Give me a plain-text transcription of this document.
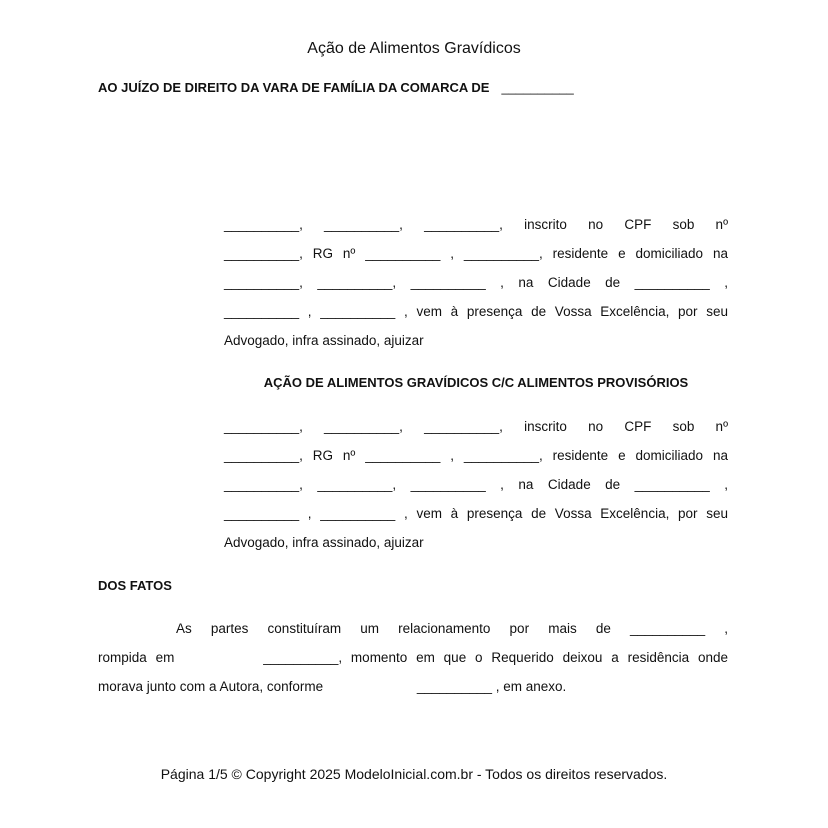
Ação de Alimentos Gravídicos
AO JUÍZO DE DIREITO DA VARA DE FAMÍLIA DA COMARCA DE __________
__________, __________, __________, inscrito no CPF sob nº
__________, RG nº __________ , __________, residente e domiciliado na
__________, __________, __________ , na Cidade de __________ ,
__________ , __________ , vem à presença de Vossa Excelência, por seu
Advogado, infra assinado, ajuizar
AÇÃO DE ALIMENTOS GRAVÍDICOS C/C ALIMENTOS PROVISÓRIOS
__________, __________, __________, inscrito no CPF sob nº
__________, RG nº __________ , __________, residente e domiciliado na
__________, __________, __________ , na Cidade de __________ ,
__________ , __________ , vem à presença de Vossa Excelência, por seu
Advogado, infra assinado, ajuizar
DOS FATOS
As partes constituíram um relacionamento por mais de __________ ,
rompida em	__________, momento em que o Requerido deixou a residência onde
morava junto com a Autora, conforme	__________ , em anexo.
Página 1/5 © Copyright 2025 ModeloInicial.com.br - Todos os direitos reservados.
